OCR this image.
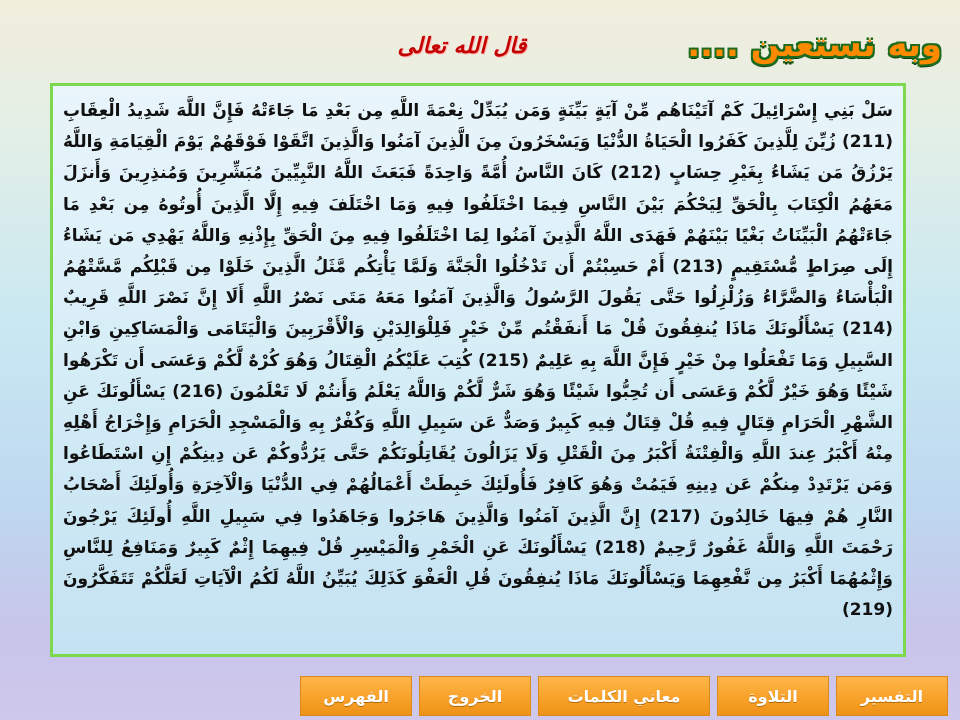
وبه نستعين ....
قال الله تعالى
سَلْ بَنِي إِسْرَائِيلَ كَمْ آتَيْنَاهُم مِّنْ آيَةٍ بَيِّنَةٍ وَمَن يُبَدِّلْ نِعْمَةَ اللَّهِ مِن بَعْدِ مَا جَاءَتْهُ فَإِنَّ اللَّهَ شَدِيدُ الْعِقَابِ (211) زُيِّنَ لِلَّذِينَ كَفَرُوا الْحَيَاةُ الدُّنْيَا وَيَسْخَرُونَ مِنَ الَّذِينَ آمَنُوا وَالَّذِينَ اتَّقَوْا فَوْقَهُمْ يَوْمَ الْقِيَامَةِ وَاللَّهُ يَرْزُقُ مَن يَشَاءُ بِغَيْرِ حِسَابٍ (212) كَانَ النَّاسُ أُمَّةً وَاحِدَةً فَبَعَثَ اللَّهُ النَّبِيِّينَ مُبَشِّرِينَ وَمُنذِرِينَ وَأَنزَلَ مَعَهُمُ الْكِتَابَ بِالْحَقِّ لِيَحْكُمَ بَيْنَ النَّاسِ فِيمَا اخْتَلَفُوا فِيهِ وَمَا اخْتَلَفَ فِيهِ إِلَّا الَّذِينَ أُوتُوهُ مِن بَعْدِ مَا جَاءَتْهُمُ الْبَيِّنَاتُ بَغْيًا بَيْنَهُمْ فَهَدَى اللَّهُ الَّذِينَ آمَنُوا لِمَا اخْتَلَفُوا فِيهِ مِنَ الْحَقِّ بِإِذْنِهِ وَاللَّهُ يَهْدِي مَن يَشَاءُ إِلَى صِرَاطٍ مُّسْتَقِيمٍ (213) أَمْ حَسِبْتُمْ أَن تَدْخُلُوا الْجَنَّةَ وَلَمَّا يَأْتِكُم مَّثَلُ الَّذِينَ خَلَوْا مِن قَبْلِكُم مَّسَّتْهُمُ الْبَأْسَاءُ وَالضَّرَّاءُ وَزُلْزِلُوا حَتَّى يَقُولَ الرَّسُولُ وَالَّذِينَ آمَنُوا مَعَهُ مَتَى نَصْرُ اللَّهِ أَلَا إِنَّ نَصْرَ اللَّهِ قَرِيبٌ (214) يَسْأَلُونَكَ مَاذَا يُنفِقُونَ قُلْ مَا أَنفَقْتُم مِّنْ خَيْرٍ فَلِلْوَالِدَيْنِ وَالْأَقْرَبِينَ وَالْيَتَامَى وَالْمَسَاكِينِ وَابْنِ السَّبِيلِ وَمَا تَفْعَلُوا مِنْ خَيْرٍ فَإِنَّ اللَّهَ بِهِ عَلِيمٌ (215) كُتِبَ عَلَيْكُمُ الْقِتَالُ وَهُوَ كُرْهٌ لَّكُمْ وَعَسَى أَن تَكْرَهُوا شَيْئًا وَهُوَ خَيْرٌ لَّكُمْ وَعَسَى أَن تُحِبُّوا شَيْئًا وَهُوَ شَرٌّ لَّكُمْ وَاللَّهُ يَعْلَمُ وَأَنتُمْ لَا تَعْلَمُونَ (216) يَسْأَلُونَكَ عَنِ الشَّهْرِ الْحَرَامِ قِتَالٍ فِيهِ قُلْ قِتَالٌ فِيهِ كَبِيرٌ وَصَدٌّ عَن سَبِيلِ اللَّهِ وَكُفْرٌ بِهِ وَالْمَسْجِدِ الْحَرَامِ وَإِخْرَاجُ أَهْلِهِ مِنْهُ أَكْبَرُ عِندَ اللَّهِ وَالْفِتْنَةُ أَكْبَرُ مِنَ الْقَتْلِ وَلَا يَزَالُونَ يُقَاتِلُونَكُمْ حَتَّى يَرُدُّوكُمْ عَن دِينِكُمْ إِنِ اسْتَطَاعُوا وَمَن يَرْتَدِدْ مِنكُمْ عَن دِينِهِ فَيَمُتْ وَهُوَ كَافِرٌ فَأُولَئِكَ حَبِطَتْ أَعْمَالُهُمْ فِي الدُّنْيَا وَالْآخِرَةِ وَأُولَئِكَ أَصْحَابُ النَّارِ هُمْ فِيهَا خَالِدُونَ (217) إِنَّ الَّذِينَ آمَنُوا وَالَّذِينَ هَاجَرُوا وَجَاهَدُوا فِي سَبِيلِ اللَّهِ أُولَئِكَ يَرْجُونَ رَحْمَتَ اللَّهِ وَاللَّهُ غَفُورٌ رَّحِيمٌ (218) يَسْأَلُونَكَ عَنِ الْخَمْرِ وَالْمَيْسِرِ قُلْ فِيهِمَا إِثْمٌ كَبِيرٌ وَمَنَافِعُ لِلنَّاسِ وَإِثْمُهُمَا أَكْبَرُ مِن نَّفْعِهِمَا وَيَسْأَلُونَكَ مَاذَا يُنفِقُونَ قُلِ الْعَفْوَ كَذَلِكَ يُبَيِّنُ اللَّهُ لَكُمُ الْآيَاتِ لَعَلَّكُمْ تَتَفَكَّرُونَ (219)
التفسير
التلاوة
معاني الكلمات
الخروج
الفهرس
